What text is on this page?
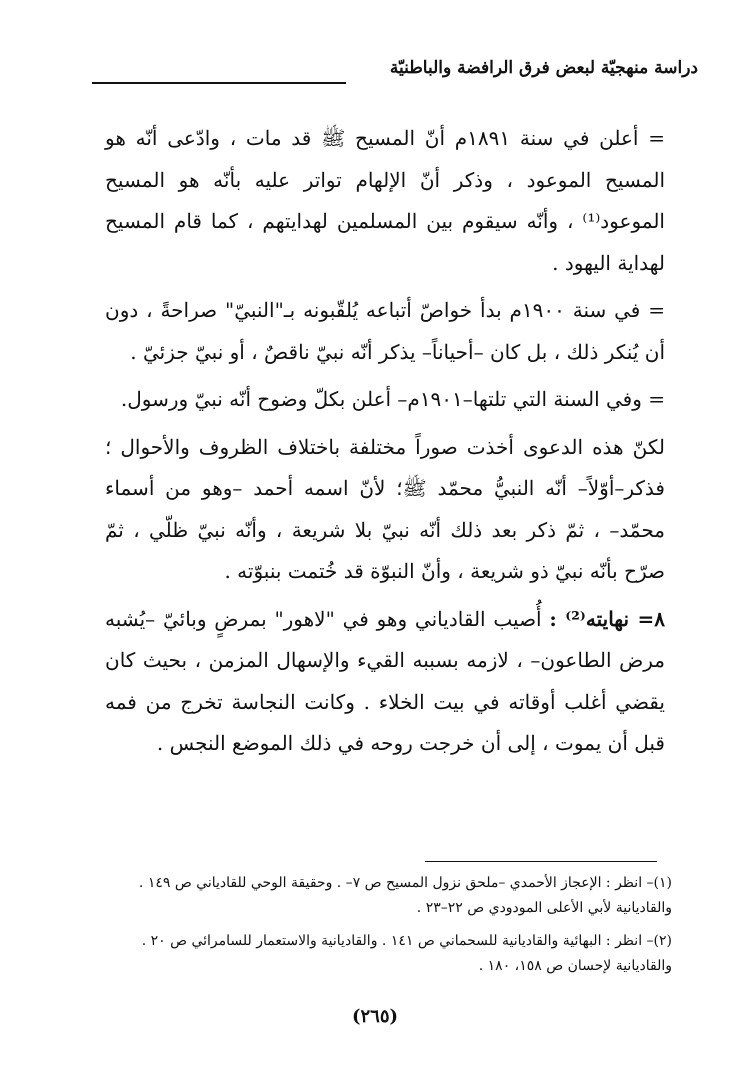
دراسة منهجيّة لبعض فرق الرافضة والباطنيّة

= أعلن في سنة ١٨٩١م أنّ المسيح ﷺ قد مات ، وادّعى أنّه هو المسيح الموعود ، وذكر أنّ الإلهام تواتر عليه بأنّه هو المسيح الموعود⁽¹⁾ ، وأنّه سيقوم بين المسلمين لهدايتهم ، كما قام المسيح لهداية اليهود .

= في سنة ١٩٠٠م بدأ خواصّ أتباعه يُلقّبونه بـ"النبيّ" صراحةً ، دون أن يُنكر ذلك ، بل كان –أحياناً– يذكر أنّه نبيّ ناقصٌ ، أو نبيّ جزئيّ .

= وفي السنة التي تلتها–١٩٠١م– أعلن بكلّ وضوح أنّه نبيّ ورسول.

لكنّ هذه الدعوى أخذت صوراً مختلفة باختلاف الظروف والأحوال ؛ فذكر–أوّلاً– أنّه النبيُّ محمّد ﷺ؛ لأنّ اسمه أحمد –وهو من أسماء محمّد– ، ثمّ ذكر بعد ذلك أنّه نبيّ بلا شريعة ، وأنّه نبيّ ظلّي ، ثمّ صرّح بأنّه نبيّ ذو شريعة ، وأنّ النبوّة قد خُتمت بنبوّته .

٨= نهايته⁽²⁾ : أُصيب القادياني وهو في "لاهور" بمرضٍ وبائيّ –يُشبه مرض الطاعون– ، لازمه بسببه القيء والإسهال المزمن ، بحيث كان يقضي أغلب أوقاته في بيت الخلاء . وكانت النجاسة تخرج من فمه قبل أن يموت ، إلى أن خرجت روحه في ذلك الموضع النجس .

(١)– انظر : الإعجاز الأحمدي –ملحق نزول المسيح ص ٧– . وحقيقة الوحي للقادياني ص ١٤٩ . والقاديانية لأبي الأعلى المودودي ص ٢٢–٢٣ .

(٢)– انظر : البهائية والقاديانية للسحماني ص ١٤١ . والقاديانية والاستعمار للسامرائي ص ٢٠ . والقاديانية لإحسان ص ١٥٨، ١٨٠ .

(٢٦٥)
